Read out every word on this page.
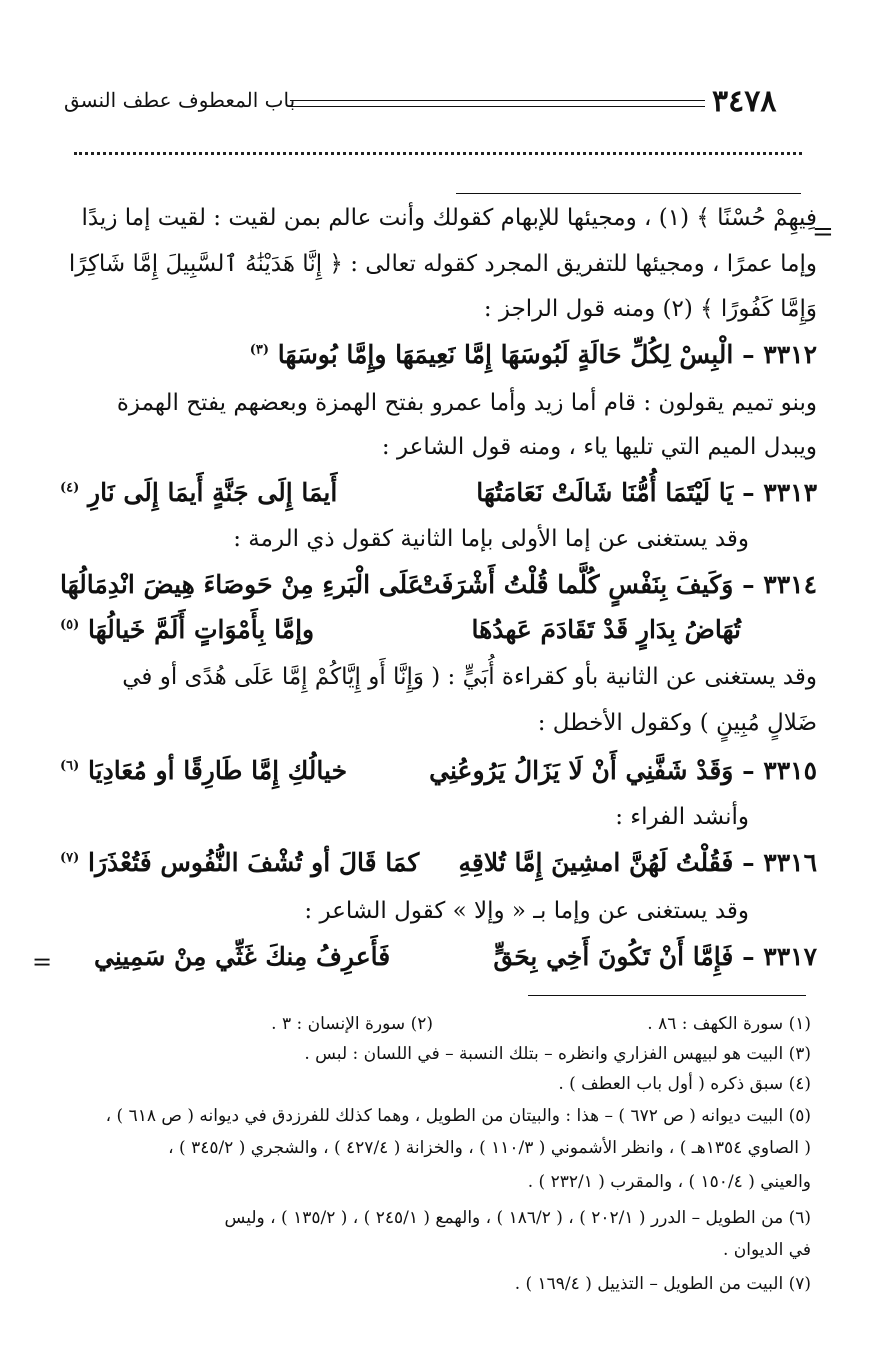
٣٤٧٨
باب المعطوف عطف النسق
=
فِيهِمْ حُسْنًا ﴾ (١) ، ومجيئها للإبهام كقولك وأنت عالم بمن لقيت : لقيت إما زيدًا
وإما عمرًا ، ومجيئها للتفريق المجرد كقوله تعالى : ﴿ إِنَّا هَدَيْنَٰهُ ٱلسَّبِيلَ إِمَّا شَاكِرًا
وَإِمَّا كَفُورًا ﴾ (٢) ومنه قول الراجز :
٣٣١٢ – الْبِسْ لِكُلِّ حَالَةٍ لَبُوسَهَا إِمَّا نَعِيمَهَا وإِمَّا بُوسَهَا $^{(٣)}$
وبنو تميم يقولون : قام أما زيد وأما عمرو بفتح الهمزة وبعضهم يفتح الهمزة
ويبدل الميم التي تليها ياء ، ومنه قول الشاعر :
٣٣١٣ – يَا لَيْتَمَا أُمُّنَا شَالَتْ نَعَامَتُهَا
أَيمَا إِلَى جَنَّةٍ أَيمَا إِلَى نَارِ $^{(٤)}$
وقد يستغنى عن إما الأولى بإما الثانية كقول ذي الرمة :
٣٣١٤ – وَكَيفَ بِنَفْسٍ كُلَّما قُلْتُ أَشْرَفَتْ
عَلَى الْبَرءِ مِنْ حَوصَاءَ هِيضَ انْدِمَالُهَا
تُهَاضُ بِدَارٍ قَدْ تَقَادَمَ عَهدُهَا
وإمَّا بِأَمْوَاتٍ أَلَمَّ خَيالُهَا $^{(٥)}$
وقد يستغنى عن الثانية بأو كقراءة أُبَيٍّ : ( وَإِنَّا أَو إِيَّاكُمْ إِمَّا عَلَى هُدًى أو في
ضَلالٍ مُبِينٍ ) وكقول الأخطل :
٣٣١٥ – وَقَدْ شَفَّنِي أَنْ لَا يَزَالُ يَرُوعُنِي
خيالُكِ إِمَّا طَارِقًا أو مُعَادِيَا $^{(٦)}$
وأنشد الفراء :
٣٣١٦ – فَقُلْتُ لَهُنَّ امشِينَ إِمَّا تُلاقِهِ
كمَا قَالَ أو تُشْفَ النُّفُوس فَتُعْذَرَا $^{(٧)}$
وقد يستغنى عن وإما بـ « وإلا » كقول الشاعر :
٣٣١٧ – فَإِمَّا أَنْ تَكُونَ أَخِي بِحَقٍّ
فَأَعرِفُ مِنكَ غَثِّي مِنْ سَمِينِي
=
(١) سورة الكهف : ٨٦ .
(٢) سورة الإنسان : ٣ .
(٣) البيت هو لبيهس الفزاري وانظره – بتلك النسبة – في اللسان : لبس .
(٤) سبق ذكره ( أول باب العطف ) .
(٥) البيت ديوانه ( ص ٦٧٢ ) – هذا : والبيتان من الطويل ، وهما كذلك للفرزدق في ديوانه ( ص ٦١٨ ) ،
( الصاوي ١٣٥٤هـ ) ، وانظر الأشموني ( ١١٠/٣ ) ، والخزانة ( ٤٢٧/٤ ) ، والشجري ( ٣٤٥/٢ ) ،
والعيني ( ١٥٠/٤ ) ، والمقرب ( ٢٣٢/١ ) .
(٦) من الطويل – الدرر ( ٢٠٢/١ ) ، ( ١٨٦/٢ ) ، والهمع ( ٢٤٥/١ ) ، ( ١٣٥/٢ ) ، وليس
في الديوان .
(٧) البيت من الطويل – التذييل ( ١٦٩/٤ ) .
